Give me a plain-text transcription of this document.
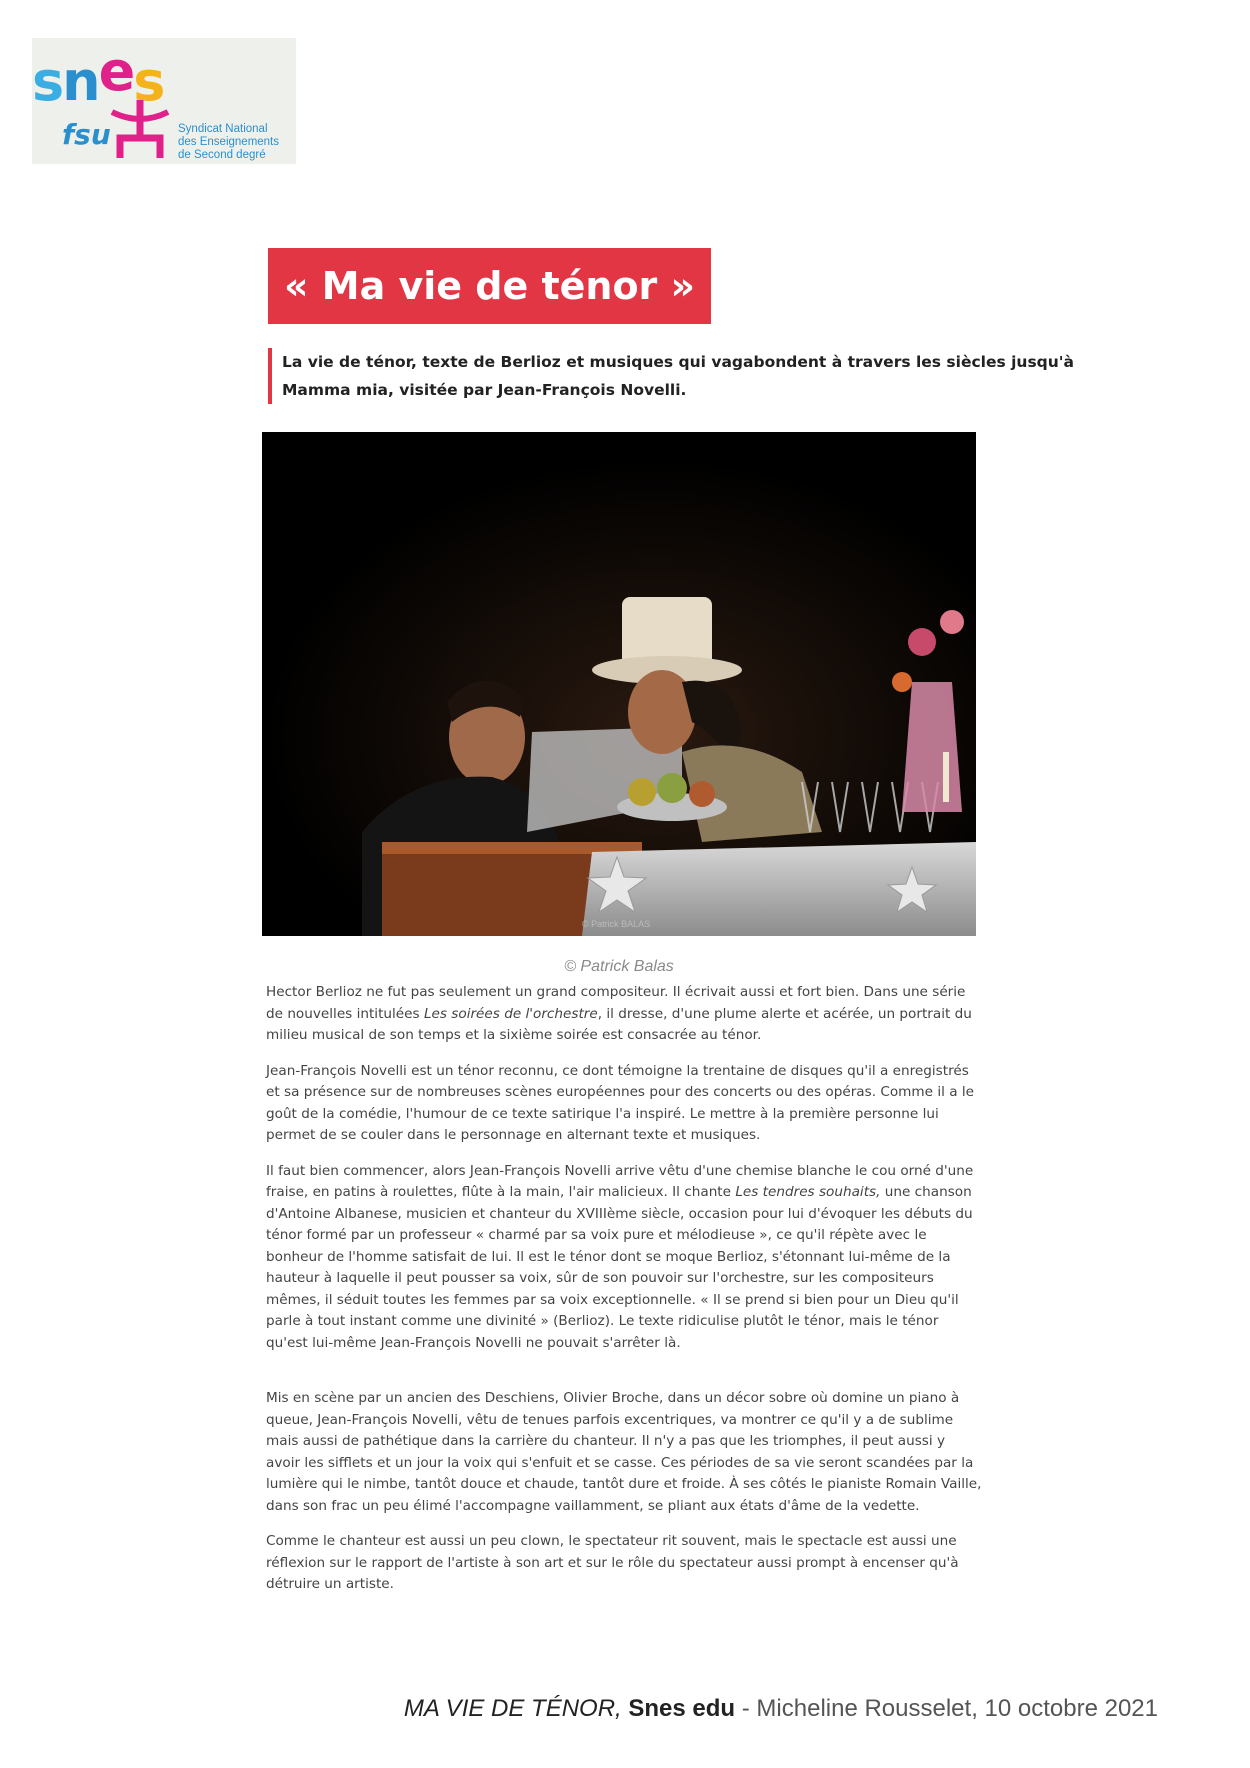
snes
fsu	Syndicat National
des Enseignements
de Second degré
« Ma vie de ténor »
La vie de ténor, texte de Berlioz et musiques qui vagabondent à travers les siècles jusqu'à Mamma mia, visitée par Jean-François Novelli.
© Patrick BALAS
© Patrick Balas

Hector Berlioz ne fut pas seulement un grand compositeur. Il écrivait aussi et fort bien. Dans une série de nouvelles intitulées Les soirées de l'orchestre, il dresse, d'une plume alerte et acérée, un portrait du milieu musical de son temps et la sixième soirée est consacrée au ténor.

Jean-François Novelli est un ténor reconnu, ce dont témoigne la trentaine de disques qu'il a enregistrés et sa présence sur de nombreuses scènes européennes pour des concerts ou des opéras. Comme il a le goût de la comédie, l'humour de ce texte satirique l'a inspiré. Le mettre à la première personne lui permet de se couler dans le personnage en alternant texte et musiques.

Il faut bien commencer, alors Jean-François Novelli arrive vêtu d'une chemise blanche le cou orné d'une fraise, en patins à roulettes, flûte à la main, l'air malicieux. Il chante Les tendres souhaits, une chanson d'Antoine Albanese, musicien et chanteur du XVIIIème siècle, occasion pour lui d'évoquer les débuts du ténor formé par un professeur « charmé par sa voix pure et mélodieuse », ce qu'il répète avec le bonheur de l'homme satisfait de lui. Il est le ténor dont se moque Berlioz, s'étonnant lui-même de la hauteur à laquelle il peut pousser sa voix, sûr de son pouvoir sur l'orchestre, sur les compositeurs mêmes, il séduit toutes les femmes par sa voix exceptionnelle. « Il se prend si bien pour un Dieu qu'il parle à tout instant comme une divinité » (Berlioz). Le texte ridiculise plutôt le ténor, mais le ténor qu'est lui-même Jean-François Novelli ne pouvait s'arrêter là.

Mis en scène par un ancien des Deschiens, Olivier Broche, dans un décor sobre où domine un piano à queue, Jean-François Novelli, vêtu de tenues parfois excentriques, va montrer ce qu'il y a de sublime mais aussi de pathétique dans la carrière du chanteur. Il n'y a pas que les triomphes, il peut aussi y avoir les sifflets et un jour la voix qui s'enfuit et se casse. Ces périodes de sa vie seront scandées par la lumière qui le nimbe, tantôt douce et chaude, tantôt dure et froide. À ses côtés le pianiste Romain Vaille, dans son frac un peu élimé l'accompagne vaillamment, se pliant aux états d'âme de la vedette.

Comme le chanteur est aussi un peu clown, le spectateur rit souvent, mais le spectacle est aussi une réflexion sur le rapport de l'artiste à son art et sur le rôle du spectateur aussi prompt à encenser qu'à détruire un artiste.

MA VIE DE TÉNOR, Snes edu - Micheline Rousselet, 10 octobre 2021
